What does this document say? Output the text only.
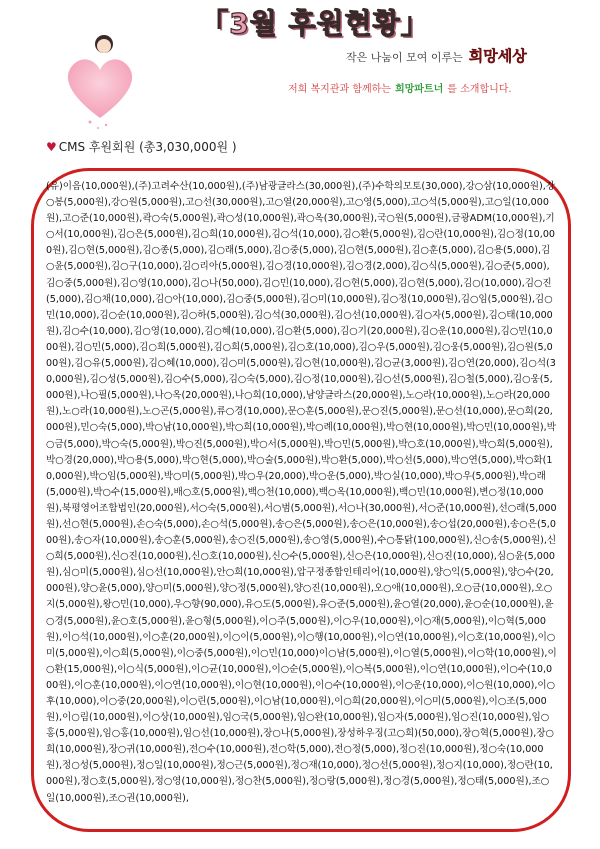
「3월 후원현황」
작은 나눔이 모여 이루는 희망세상
저희 복지관과 함께하는 희망파트너 를 소개합니다.
♥ CMS 후원회원 (총3,030,000원 )
(유)이음(10,000원),(주)고려수산(10,000원),(주)남광글라스(30,000원),(주)수학의모토(30,000),강○삼(10,000원),강○봉(5,000원),강○원(5,000원),고○선(30,000원),고○열(20,000원),고○영(5,000),고○석(5,000원),고○일(10,000원),고○준(10,000원),곽○숙(5,000원),곽○성(10,000원),곽○옥(30,000원),국○원(5,000원),금광ADM(10,000원),기○서(10,000원),김○은(5,000원),김○희(10,000원),김○석(10,000),김○환(5,000원),김○란(10,000원),김○정(10,000원),김○현(5,000원),김○종(5,000),김○래(5,000),김○중(5,000),김○현(5,000원),김○훈(5,000),김○용(5,000),김○윤(5,000원),김○구(10,000),김○리아(5,000원),김○경(10,000원),김○경(2,000),김○식(5,000원),김○준(5,000),김○중(5,000원),김○영(10,000),김○나(50,000),김○민(10,000),김○현(5,000),김○현(5,000),김○(10,000),김○진(5,000),김○채(10,000),김○아(10,000),김○중(5,000원),김○미(10,000원),김○정(10,000원),김○임(5,000원),김○민(10,000),김○순(10,000원),김○하(5,000원),김○석(30,000원),김○선(10,000원),김○자(5,000원),김○태(10,000원),김○수(10,000),김○영(10,000),김○혜(10,000),김○환(5,000),김○기(20,000원),김○운(10,000원),김○민(10,000원),김○민(5,000),김○희(5,000원),김○희(5,000원),김○호(10,000),김○우(5,000원),김○웅(5,000원),김○원(5,000원),김○유(5,000원),김○혜(10,000),김○미(5,000원),김○현(10,000원),김○균(3,000원),김○연(20,000),김○석(30,000원),김○성(5,000원),김○수(5,000),김○숙(5,000),김○정(10,000원),김○선(5,000원),김○철(5,000),김○웅(5,000원),나○필(5,000원),나○옥(20,000원),나○희(10,000),남양글라스(20,000원),노○라(10,000원),노○라(20,000원),노○라(10,000원),노○곤(5,000원),류○경(10,000),문○훈(5,000원),문○진(5,000원),문○선(10,000),문○희(20,000원),민○숙(5,000),박○남(10,000원),박○희(10,000원),박○례(10,000원),박○현(10,000원),박○민(10,000원),박○금(5,000),박○숙(5,000원),박○진(5,000원),박○서(5,000원),박○민(5,000원),박○호(10,000원),박○희(5,000원),박○경(20,000),박○용(5,000),박○현(5,000),박○술(5,000원),박○환(5,000),박○선(5,000),박○연(5,000),박○화(10,000원),박○임(5,000원),박○미(5,000원),박○우(20,000),박○운(5,000),박○실(10,000),박○우(5,000원),박○래(5,000원),박○수(15,000원),배○호(5,000원),백○천(10,000),백○옥(10,000원),백○민(10,000원),변○정(10,000원),북평영어조합법인(20,000원),서○숙(5,000원),서○범(5,000원),서○나(30,000원),서○준(10,000원),선○래(5,000원),선○현(5,000원),손○숙(5,000),손○석(5,000원),송○은(5,000원),송○은(10,000원),송○섭(20,000원),송○은(5,000원),송○자(10,000원),송○훈(5,000원),송○진(5,000원),송○영(5,000원),수○통닭(100,000원),신○송(5,000원),신○희(5,000원),신○진(10,000원),신○호(10,000원),신○수(5,000원),신○은(10,000원),신○진(10,000),심○윤(5,000원),심○미(5,000원),심○선(10,000원),안○희(10,000원),압구정종합인테리어(10,000원),양○익(5,000원),양○수(20,000원),양○윤(5,000),양○미(5,000원),양○정(5,000원),양○진(10,000원),오○애(10,000원),오○금(10,000원),오○지(5,000원),왕○민(10,000),우○향(90,000),유○도(5,000원),유○준(5,000원),윤○열(20,000),윤○순(10,000원),윤○경(5,000원),윤○호(5,000원),윤○형(5,000원),이○주(5,000원),이○우(10,000원),이○재(5,000원),이○혁(5,000원),이○석(10,000원),이○훈(20,000원),이○이(5,000원),이○행(10,000원),이○연(10,000원),이○호(10,000원),이○미(5,000원),이○희(5,000원),이○중(5,000원),이○민(10,000)이○남(5,000원),이○열(5,000원),이○학(10,000원),이○환(15,000원),이○식(5,000원),이○균(10,000원),이○순(5,000원),이○복(5,000원),이○연(10,000원),이○수(10,000원),이○훈(10,000원),이○연(10,000원),이○현(10,000원),이○수(10,000원),이○운(10,000),이○원(10,000),이○후(10,000),이○중(20,000원),이○린(5,000원),이○남(10,000원),이○희(20,000원),이○미(5,000원),이○조(5,000원),이○림(10,000원),이○상(10,000원),임○국(5,000원),임○완(10,000원),임○자(5,000원),임○진(10,000원),임○홍(5,000원),임○홍(10,000원),임○선(10,000원),장○나(5,000원),장성하우징(고○희)(50,000),장○혁(5,000원),장○희(10,000원),장○귀(10,000원),전○수(10,000원),전○학(5,000),전○정(5,000),정○진(10,000원),정○숙(10,000원),정○성(5,000원),정○일(10,000원),정○근(5,000원),정○재(10,000),정○선(5,000원),정○지(10,000),정○란(10,000원),정○호(5,000원),정○영(10,000원),정○찬(5,000원),정○랑(5,000원),정○경(5,000원),정○태(5,000원),조○일(10,000원),조○권(10,000원),
